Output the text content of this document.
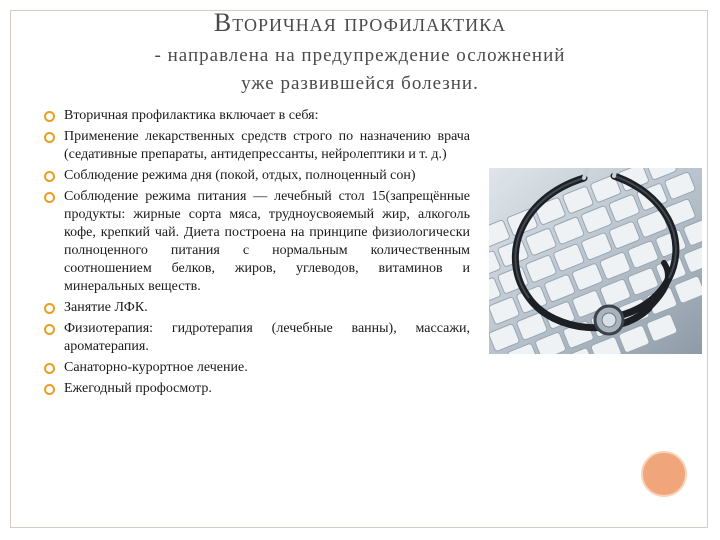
Вторичная профилактика
- направлена на предупреждение осложнений
уже развившейся болезни.
Вторичная профилактика включает в себя:
Применение лекарственных средств строго по назначению врача (седативные препараты, антидепрессанты, нейролептики и т. д.)
Соблюдение режима дня (покой, отдых, полноценный сон)
Соблюдение режима питания — лечебный стол 15(запрещённые продукты: жирные сорта мяса, трудноусвояемый жир, алкоголь кофе, крепкий чай. Диета построена на принципе физиологически полноценного питания с нормальным количественным соотношением белков, жиров, углеводов, витаминов и минеральных веществ.
Занятие ЛФК.
Физиотерапия: гидротерапия (лечебные ванны), массажи, ароматерапия.
Санаторно-курортное лечение.
Ежегодный профосмотр.
